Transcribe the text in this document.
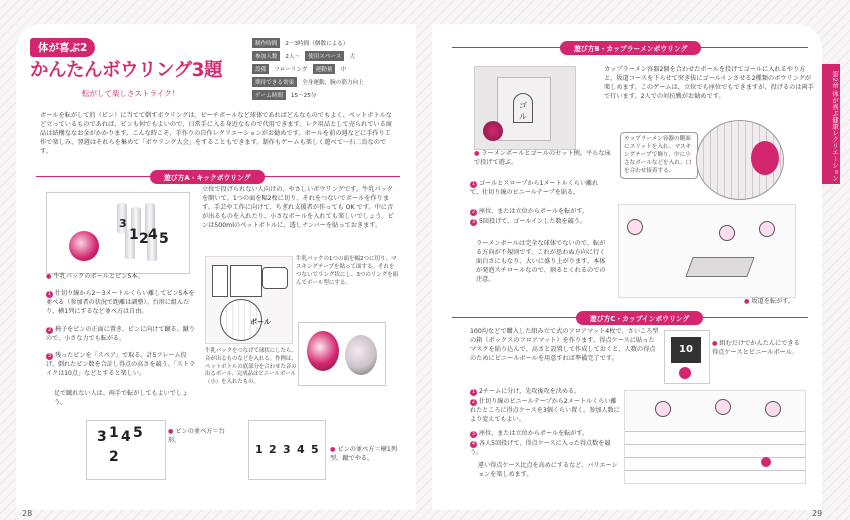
体が喜ぶ2
かんたんボウリング3題
転がして楽しさストライク！
制作時間	2〜3時間（個数による）
参加人数	2人〜	使用スペース	大
設備	フローリング	運動量	中
期待できる効果	全身運動、腕の筋力向上
ゲーム時間	15〜25分

ボールを転がして的（ピン）に当てて倒すボウリングは、ビーチボールなど球体であればどんなものでもよく、ペットボトルなど立っているものであれば、ピンも何でもよいので、日常手に入る身近なもので代用できます。レク用品として売られている商品は結構ななお金がかかります。こんな時こそ、手作りの自作レクリエーションがお勧めです。ボールを前の週などに手作り工作で楽しみ、翌週はそれらを集めて「ボウリング大会」をすることもできます。制作もゲームも楽しく遊べて一石二鳥なのです。

遊び方A・キックボウリング
1
3
2 4 5
● 牛乳パックのボールとピン5本。

立位で投げられない人向けの、やさしいボウリングです。牛乳パックを開いて、1つの面を幅2枚に切り、それをつないでボールを作ります。手芸や工作に向けて、ちぎれ支援者が作っても OK です。中に音が出るものを入れたり、小さなボールを入れても楽しいでしょう。ピンは500mlのペットボトルに、透しナンバーを貼っておきます。

1 仕切り線から2〜3メートルくらい離してピン5本を並べる（参加者の状況で距離は調整）。台形に組んだり、横1列にするなど並べ方は自由。
2 椅子をピンの正面に置き、ピンに向けて蹴る。蹴りので、小さな力でも転がる。
3 残ったピンを「スペア」で取る。計5フレーム投げ、倒れたピン数を合計し得点の高さを競う。「ストライクは10点」などとすると楽しい。

足で蹴れない人は、両手で転がしてもよいでしょう。

ボール

牛乳パックの1つの面を幅2つに切り、マスキングテープを貼って面する。それをつないでリング状にし、3つのリングを組んでボール型にする。

牛乳パックをつなげて球状にしたら、音が出るものなどを入れる。作例は、ペットボトルの底部分を合わせた音の出るボール、完成品はビニールボール（小）を入れたもの。

3 1 4 5
2
● ピンの並べ方＝台形。
1 2 3 4 5 ● ピンの並べ方＝横1列型。蹴でやる。
28
遊び方B・カップラーメンボウリング
ゴ ル
● ラーメンボールとゴールのセット例。平らな床で投げて遊ぶ。

カップラーメン容器2個を合わせたボールを投げてゴールに入れるやり方と、坂道コースを下らせて突き抜にゴールインさせる2種類のボウリングが楽しめます。このゲームは、立位でも座位でもできますが、投げるのは両手で行います。2人での対抗戦がお勧めです。

カップラーメン容器の側面にスリットを入れ、マスキングテープで飾り、中に小さなボールなどを入れ、口を合わせ接着する。
1 ゴールとスロープから1メートルくらい離れて、仕切り線のビニールテープを貼る。
2 座位、または立位からボールを転がす。
3 5回投げて、ゴールインした数を競う。

ラーメンボールは完全な球体でないので、転がる方向が不規則です。これが思わぬ方向に行く面白さにもなり、大いに盛り上がります。本体が発泡スチロールなので、割るとくれるのでの注意。

● 坂道を転がす。
遊び方C・カップインボウリング

100均などで購入した組み立て式のフロアマット4枚で、さいころ型の箱（ボックスのフロアマット）を作ります。得点ケースに貼ったマスクを貼り込んで、高さと設置して作成しておくと、人数の得点のためにビニールボールを用意すれば準備完了です。

10
● 組むだけでかんたんにできる得点ケースとビニールボール。
1 2チームに分け、先攻後攻を決める。
2 仕切り線のビニールテープから2メートルくらい離れたところに得点ケースを3個くらい置く。参加人数により変えてもよい。
3 座位、または立位からボールを転がす。
4 各人5回投げて、得点ケースに入った得点数を競う。

違い得点ケース比点を高めにするなど、バリエーションを楽しめます。

第2章 体が喜ぶ健康レクリエーション
29
